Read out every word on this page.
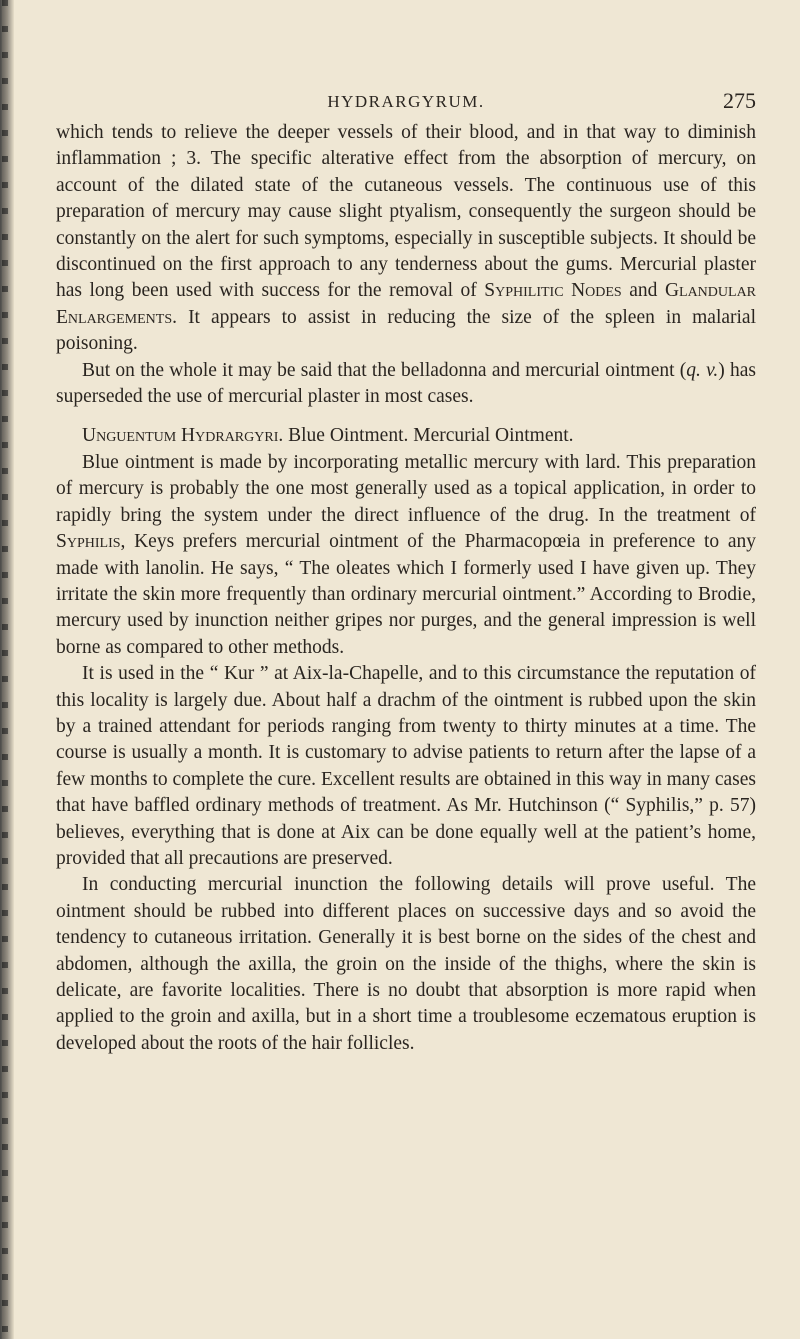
HYDRARGYRUM.	275

which tends to relieve the deeper vessels of their blood, and in that way to diminish inflammation ; 3. The specific alterative effect from the absorption of mercury, on account of the dilated state of the cutaneous vessels. The continuous use of this preparation of mercury may cause slight ptyalism, consequently the surgeon should be constantly on the alert for such symptoms, especially in susceptible subjects. It should be discontinued on the first approach to any tenderness about the gums. Mercurial plaster has long been used with success for the removal of Syphilitic Nodes and Glandular Enlargements. It appears to assist in reducing the size of the spleen in malarial poisoning.

But on the whole it may be said that the belladonna and mercurial ointment (q. v.) has superseded the use of mercurial plaster in most cases.

Unguentum Hydrargyri. Blue Ointment. Mercurial Ointment.

Blue ointment is made by incorporating metallic mercury with lard. This preparation of mercury is probably the one most generally used as a topical application, in order to rapidly bring the system under the direct influence of the drug. In the treatment of Syphilis, Keys prefers mercurial ointment of the Pharmacopœia in preference to any made with lanolin. He says, “ The oleates which I formerly used I have given up. They irritate the skin more frequently than ordinary mercurial ointment.” According to Brodie, mercury used by inunction neither gripes nor purges, and the general impression is well borne as compared to other methods.

It is used in the “ Kur ” at Aix-la-Chapelle, and to this circumstance the reputation of this locality is largely due. About half a drachm of the ointment is rubbed upon the skin by a trained attendant for periods ranging from twenty to thirty minutes at a time. The course is usually a month. It is customary to advise patients to return after the lapse of a few months to complete the cure. Excellent results are obtained in this way in many cases that have baffled ordinary methods of treatment. As Mr. Hutchinson (“ Syphilis,” p. 57) believes, everything that is done at Aix can be done equally well at the patient’s home, provided that all precautions are preserved.

In conducting mercurial inunction the following details will prove useful. The ointment should be rubbed into different places on successive days and so avoid the tendency to cutaneous irritation. Generally it is best borne on the sides of the chest and abdomen, although the axilla, the groin on the inside of the thighs, where the skin is delicate, are favorite localities. There is no doubt that absorption is more rapid when applied to the groin and axilla, but in a short time a troublesome eczematous eruption is developed about the roots of the hair follicles.
